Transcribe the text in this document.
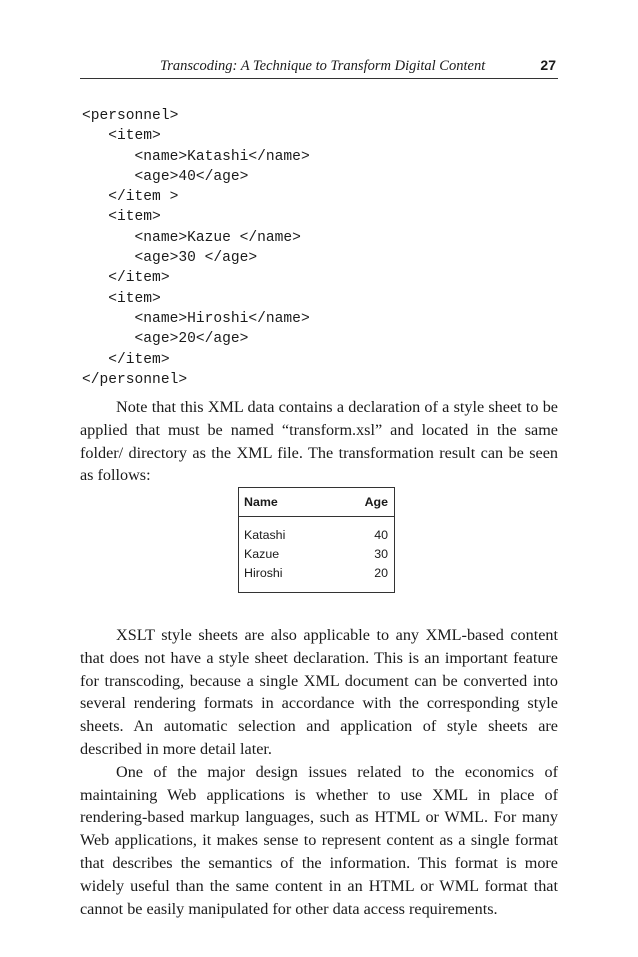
Transcoding: A Technique to Transform Digital Content	27
<personnel>
<item>
<name>Katashi</name>
<age>40</age>
</item >
<item>
<name>Kazue </name>
<age>30 </age>
</item>
<item>
<name>Hiroshi</name>
<age>20</age>
</item>
</personnel>
Note that this XML data contains a declaration of a style sheet to be applied that must be named “transform.xsl” and located in the same folder/ directory as the XML file. The transformation result can be seen as follows:
Name	Age
Katashi	40
Kazue	30
Hiroshi	20

XSLT style sheets are also applicable to any XML-based content that does not have a style sheet declaration. This is an important feature for transcoding, because a single XML document can be converted into several rendering formats in accordance with the corresponding style sheets. An automatic selection and application of style sheets are described in more detail later.
One of the major design issues related to the economics of maintaining Web applications is whether to use XML in place of rendering-based markup languages, such as HTML or WML. For many Web applications, it makes sense to represent content as a single format that describes the semantics of the information. This format is more widely useful than the same content in an HTML or WML format that cannot be easily manipulated for other data access requirements.
